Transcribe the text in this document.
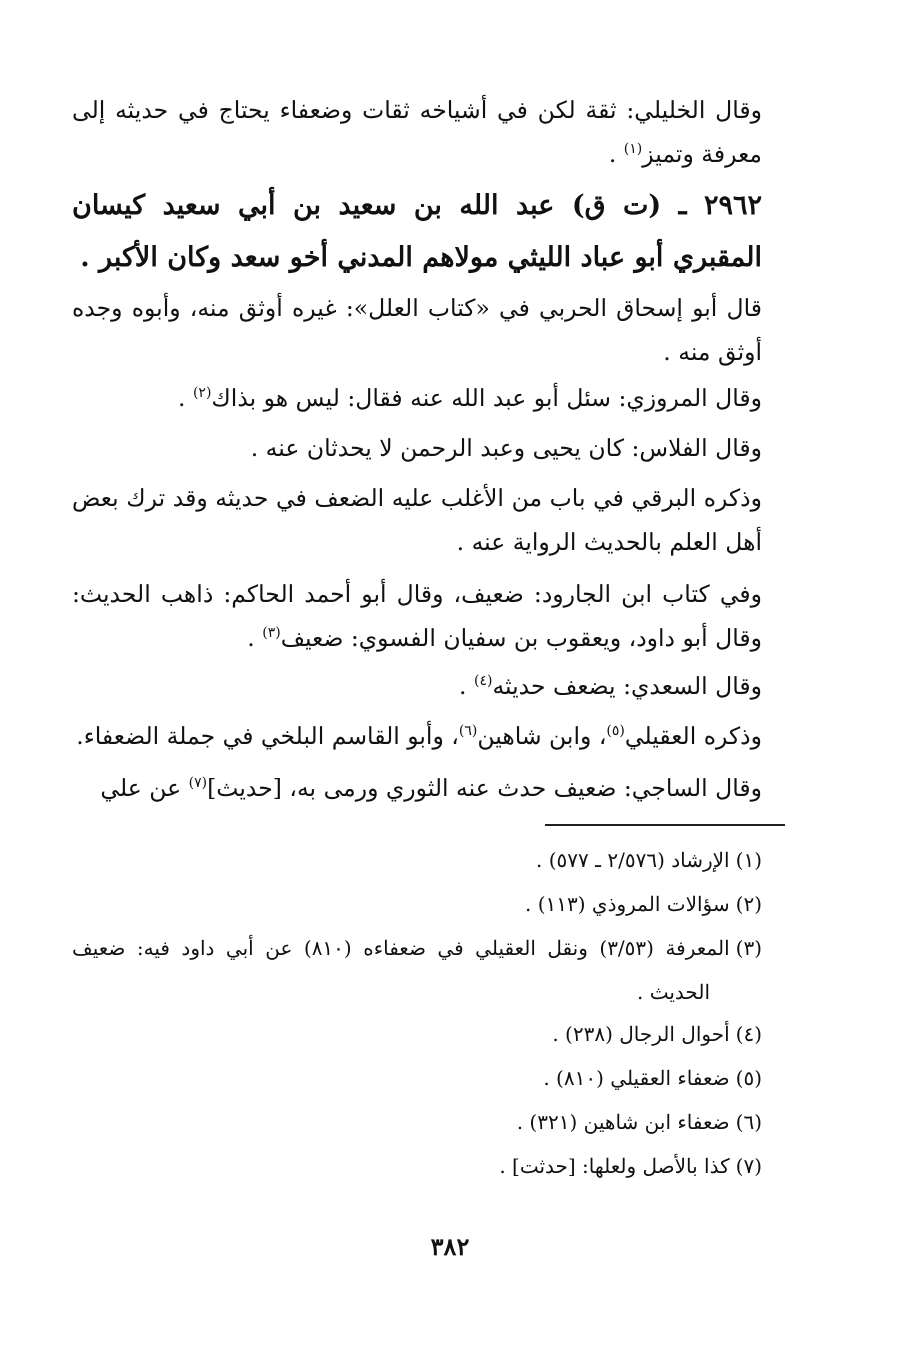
وقال الخليلي: ثقة لكن في أشياخه ثقات وضعفاء يحتاج في حديثه إلى معرفة وتميز$^{(١)}$ .
٢٩٦٢ ـ (ت ق) عبد الله بن سعيد بن أبي سعيد كيسان المقبري أبو عباد الليثي مولاهم المدني أخو سعد وكان الأكبر .
قال أبو إسحاق الحربي في «كتاب العلل»: غيره أوثق منه، وأبوه وجده أوثق منه .
وقال المروزي: سئل أبو عبد الله عنه فقال: ليس هو بذاك$^{(٢)}$ .
وقال الفلاس: كان يحيى وعبد الرحمن لا يحدثان عنه .
وذكره البرقي في باب من الأغلب عليه الضعف في حديثه وقد ترك بعض أهل العلم بالحديث الرواية عنه .
وفي كتاب ابن الجارود: ضعيف، وقال أبو أحمد الحاكم: ذاهب الحديث: وقال أبو داود، ويعقوب بن سفيان الفسوي: ضعيف$^{(٣)}$ .
وقال السعدي: يضعف حديثه$^{(٤)}$ .
وذكره العقيلي$^{(٥)}$، وابن شاهين$^{(٦)}$، وأبو القاسم البلخي في جملة الضعفاء.
وقال الساجي: ضعيف حدث عنه الثوري ورمى به، [حديث]$^{(٧)}$ عن علي
(١)الإرشاد (٢/٥٧٦ ـ ٥٧٧) .
(٢)سؤالات المروذي (١١٣) .
(٣)المعرفة (٣/٥٣) ونقل العقيلي في ضعفاءه (٨١٠) عن أبي داود فيه: ضعيف
الحديث .
(٤)أحوال الرجال (٢٣٨) .
(٥)ضعفاء العقيلي (٨١٠) .
(٦)ضعفاء ابن شاهين (٣٢١) .
(٧)كذا بالأصل ولعلها: [حدثت] .
٣٨٢
